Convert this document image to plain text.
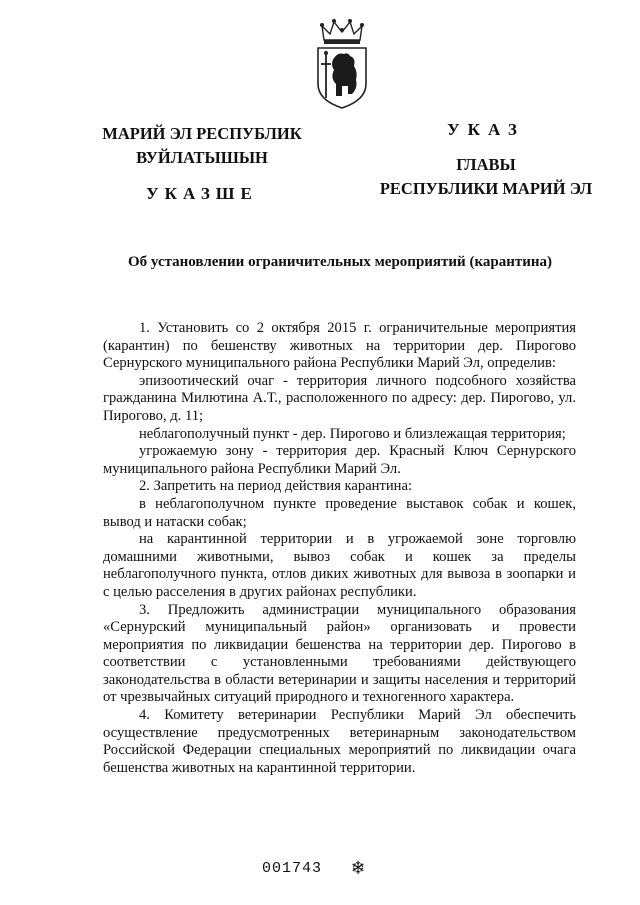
МАРИЙ ЭЛ РЕСПУБЛИК
ВУЙЛАТЫШЫН
УКАЗШЕ
УКАЗ
ГЛАВЫ
РЕСПУБЛИКИ МАРИЙ ЭЛ
Об установлении ограничительных мероприятий (карантина)

1. Установить со 2 октября 2015 г. ограничительные мероприятия (карантин) по бешенству животных на территории дер. Пирогово Сернурского муниципального района Республики Марий Эл, определив:

эпизоотический очаг - территория личного подсобного хозяйства гражданина Милютина А.Т., расположенного по адресу: дер. Пирогово, ул. Пирогово, д. 11;

неблагополучный пункт - дер. Пирогово и близлежащая территория;

угрожаемую зону - территория дер. Красный Ключ Сернурского муниципального района Республики Марий Эл.

2. Запретить на период действия карантина:

в неблагополучном пункте проведение выставок собак и кошек, вывод и натаски собак;

на карантинной территории и в угрожаемой зоне торговлю домашними животными, вывоз собак и кошек за пределы неблагополучного пункта, отлов диких животных для вывоза в зоопарки и с целью расселения в других районах республики.

3. Предложить администрации муниципального образования «Сернурский муниципальный район» организовать и провести мероприятия по ликвидации бешенства на территории дер. Пирогово в соответствии с установленными требованиями действующего законодательства в области ветеринарии и защиты населения и территорий от чрезвычайных ситуаций природного и техногенного характера.

4. Комитету ветеринарии Республики Марий Эл обеспечить осуществление предусмотренных ветеринарным законодательством Российской Федерации специальных мероприятий по ликвидации очага бешенства животных на карантинной территории.

001743 ❄
